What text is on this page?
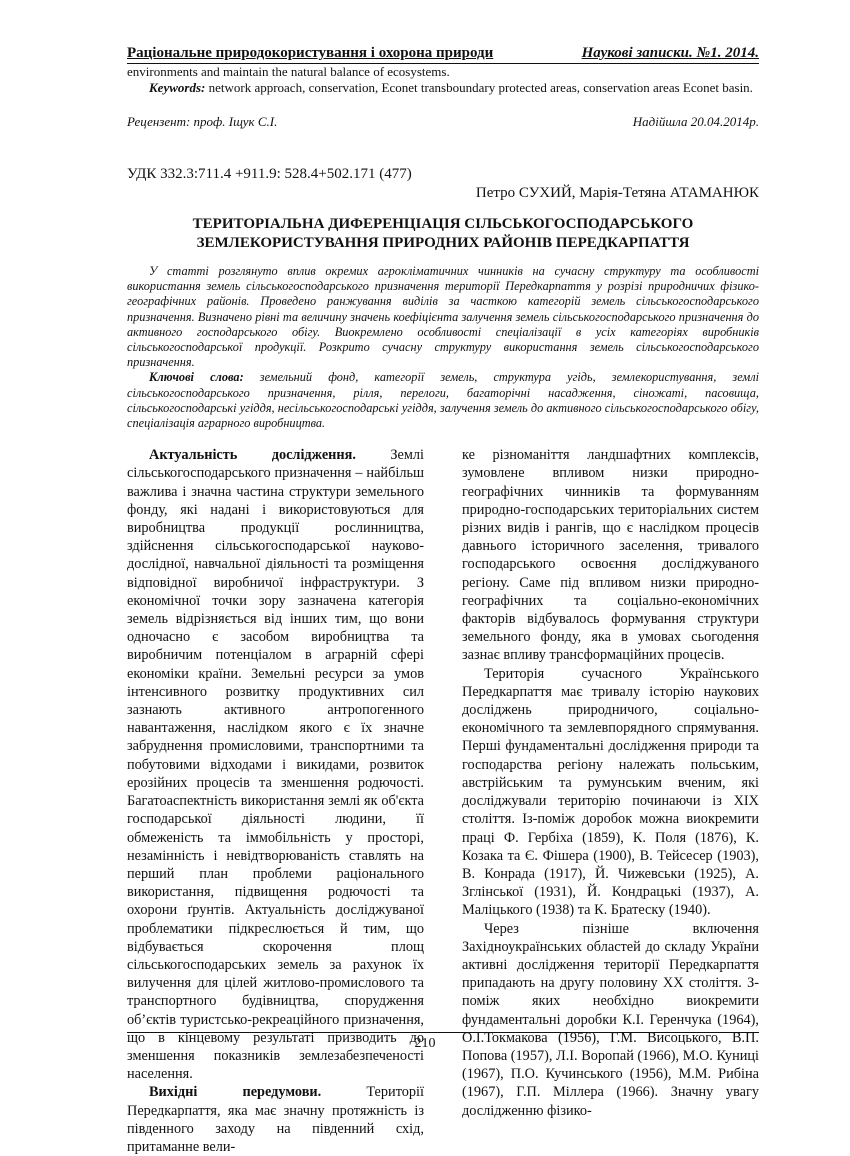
Раціональне природокористування і охорона природи	Наукові записки. №1. 2014.
environments and maintain the natural balance of ecosystems.
Keywords: network approach, conservation, Econet transboundary protected areas, conservation areas Econet basin.
Рецензент: проф. Іщук С.І.	Надійшла 20.04.2014р.
УДК 332.3:711.4 +911.9: 528.4+502.171 (477)
Петро СУХИЙ, Марія-Тетяна АТАМАНЮК
ТЕРИТОРІАЛЬНА ДИФЕРЕНЦІАЦІЯ СІЛЬСЬКОГОСПОДАРСЬКОГО
ЗЕМЛЕКОРИСТУВАННЯ ПРИРОДНИХ РАЙОНІВ ПЕРЕДКАРПАТТЯ

У статті розглянуто вплив окремих агрокліматичних чинників на сучасну структуру та особливості використання земель сільськогосподарського призначення території Передкарпаття у розрізі природничих фізико-географічних районів. Проведено ранжування виділів за часткою категорій земель сільськогосподарського призначення. Визначено рівні та величину значень коефіцієнта залучення земель сільськогосподарського призначення до активного господарського обігу. Виокремлено особливості спеціалізації в усіх категоріях виробників сільськогосподарської продукції. Розкрито сучасну структуру використання земель сільськогосподарського призначення.

Ключові слова: земельний фонд, категорії земель, структура угідь, землекористування, землі сільськогосподарського призначення, рілля, перелоги, багаторічні насадження, сіножаті, пасовища, сільськогосподарські угіддя, несільськогосподарські угіддя, залучення земель до активного сільськогосподарського обігу, спеціалізація аграрного виробництва.

Актуальність дослідження. Землі сільськогосподарського призначення – найбільш важлива і значна частина структури земельного фонду, які надані і використовуються для виробництва продукції рослинництва, здійснення сільськогосподарської науково-дослідної, навчальної діяльності та розміщення відповідної виробничої інфраструктури. З економічної точки зору зазначена категорія земель відрізняється від інших тим, що вони одночасно є засобом виробництва та виробничим потенціалом в аграрній сфері економіки країни. Земельні ресурси за умов інтенсивного розвитку продуктивних сил зазнають активного антропогенного навантаження, наслідком якого є їх значне забруднення промисловими, транспортними та побутовими відходами і викидами, розвиток ерозійних процесів та зменшення родючості. Багатоаспектність використання землі як об'єкта господарської діяльності людини, її обмеженість та іммобільність у просторі, незамінність і невідтворюваність ставлять на перший план проблеми раціонального використання, підвищення родючості та охорони ґрунтів. Актуальність досліджуваної проблематики підкреслюється й тим, що відбувається скорочення площ сільськогосподарських земель за рахунок їх вилучення для цілей житлово-промислового та транспортного будівництва, спорудження об’єктів туристсько-рекреаційного призначення, що в кінцевому результаті призводить до зменшення показників землезабезпеченості населення.

Вихідні передумови. Території Передкарпаття, яка має значну протяжність із південного заходу на південний схід, притаманне вели-

ке різноманіття ландшафтних комплексів, зумовлене впливом низки природно-географічних чинників та формуванням природно-господарських територіальних систем різних видів і рангів, що є наслідком процесів давнього історичного заселення, тривалого господарського освоєння досліджуваного регіону. Саме під впливом низки природно-географічних та соціально-економічних факторів відбувалось формування структури земельного фонду, яка в умовах сьогодення зазнає впливу трансформаційних процесів.

Територія сучасного Українського Передкарпаття має тривалу історію наукових досліджень природничого, соціально-економічного та землевпорядного спрямування. Перші фундаментальні дослідження природи та господарства регіону належать польським, австрійським та румунським вченим, які досліджували територію починаючи із XIX століття. Із-поміж доробок можна виокремити праці Ф. Гербіха (1859), К. Поля (1876), К. Козака та Є. Фішера (1900), В. Тейсесер (1903), В. Конрада (1917), Й. Чижевськи (1925), А. Зглінської (1931), Й. Кондрацькі (1937), А. Маліцького (1938) та К. Братеску (1940).

Через пізніше включення Західноукраїнських областей до складу України активні дослідження території Передкарпаття припадають на другу половину XX століття. З-поміж яких необхідно виокремити фундаментальні доробки К.І. Геренчука (1964), О.І.Токмакова (1956), Г.М. Висоцького, В.П. Попова (1957), Л.І. Воропай (1966), М.О. Куниці (1967), П.О. Кучинського (1956), М.М. Рибіна (1967), Г.П. Міллера (1966). Значну увагу дослідженню фізико-

210
